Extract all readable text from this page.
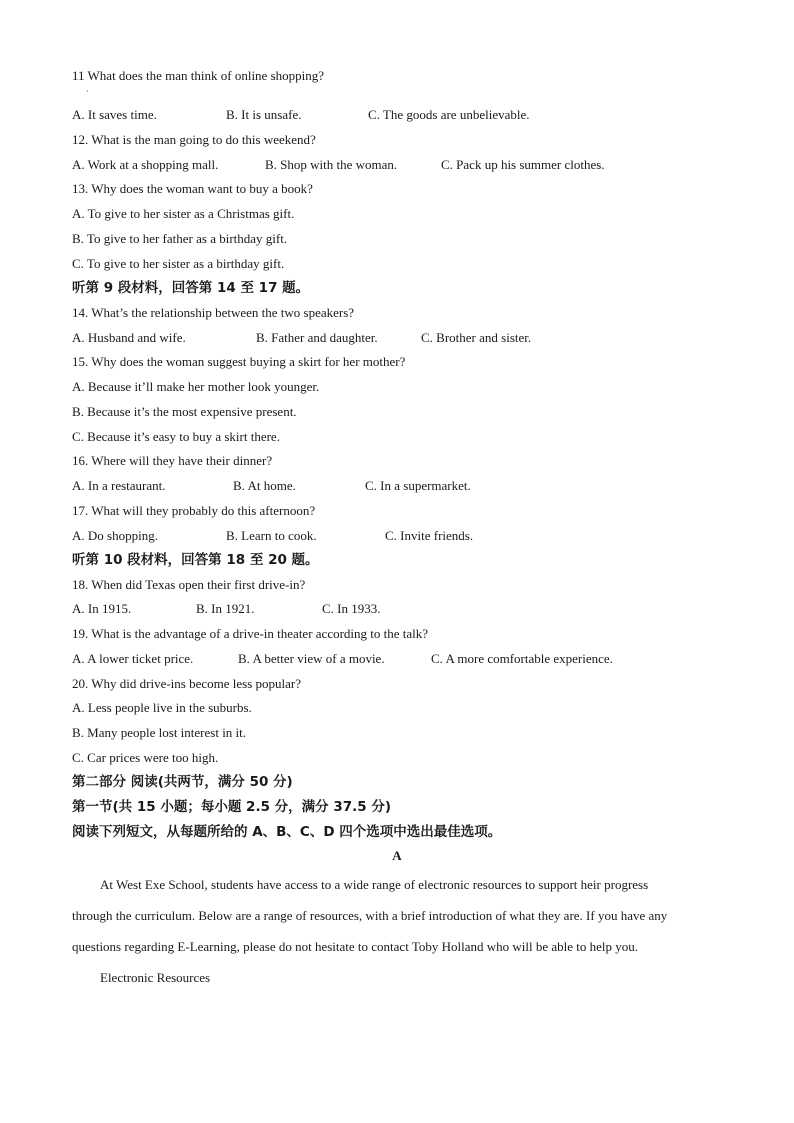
11 What does the man think of online shopping?
·
A. It saves time.	B. It is unsafe.	C. The goods are unbelievable.
12. What is the man going to do this weekend?
A. Work at a shopping mall.	B. Shop with the woman.	C. Pack up his summer clothes.
13. Why does the woman want to buy a book?
A. To give to her sister as a Christmas gift.
B. To give to her father as a birthday gift.
C. To give to her sister as a birthday gift.
听第 9 段材料，回答第 14 至 17 题。
14. What’s the relationship between the two speakers?
A. Husband and wife.	B. Father and daughter.	C. Brother and sister.
15. Why does the woman suggest buying a skirt for her mother?
A. Because it’ll make her mother look younger.
B. Because it’s the most expensive present.
C. Because it’s easy to buy a skirt there.
16. Where will they have their dinner?
A. In a restaurant.	B. At home.	C. In a supermarket.
17. What will they probably do this afternoon?
A. Do shopping.	B. Learn to cook.	C. Invite friends.
听第 10 段材料，回答第 18 至 20 题。
18. When did Texas open their first drive-in?
A. In 1915.	B. In 1921.	C. In 1933.
19. What is the advantage of a drive-in theater according to the talk?
A. A lower ticket price.	B. A better view of a movie.	C. A more comfortable experience.
20. Why did drive-ins become less popular?
A. Less people live in the suburbs.
B. Many people lost interest in it.
C. Car prices were too high.
第二部分 阅读(共两节，满分 50 分)
第一节(共 15 小题；每小题 2.5 分，满分 37.5 分)
阅读下列短文，从每题所给的 A、B、C、D 四个选项中选出最佳选项。
A
At West Exe School, students have access to a wide range of electronic resources to support heir progress
through the curriculum. Below are a range of resources, with a brief introduction of what they are. If you have any
questions regarding E-Learning, please do not hesitate to contact Toby Holland who will be able to help you.
Electronic Resources
